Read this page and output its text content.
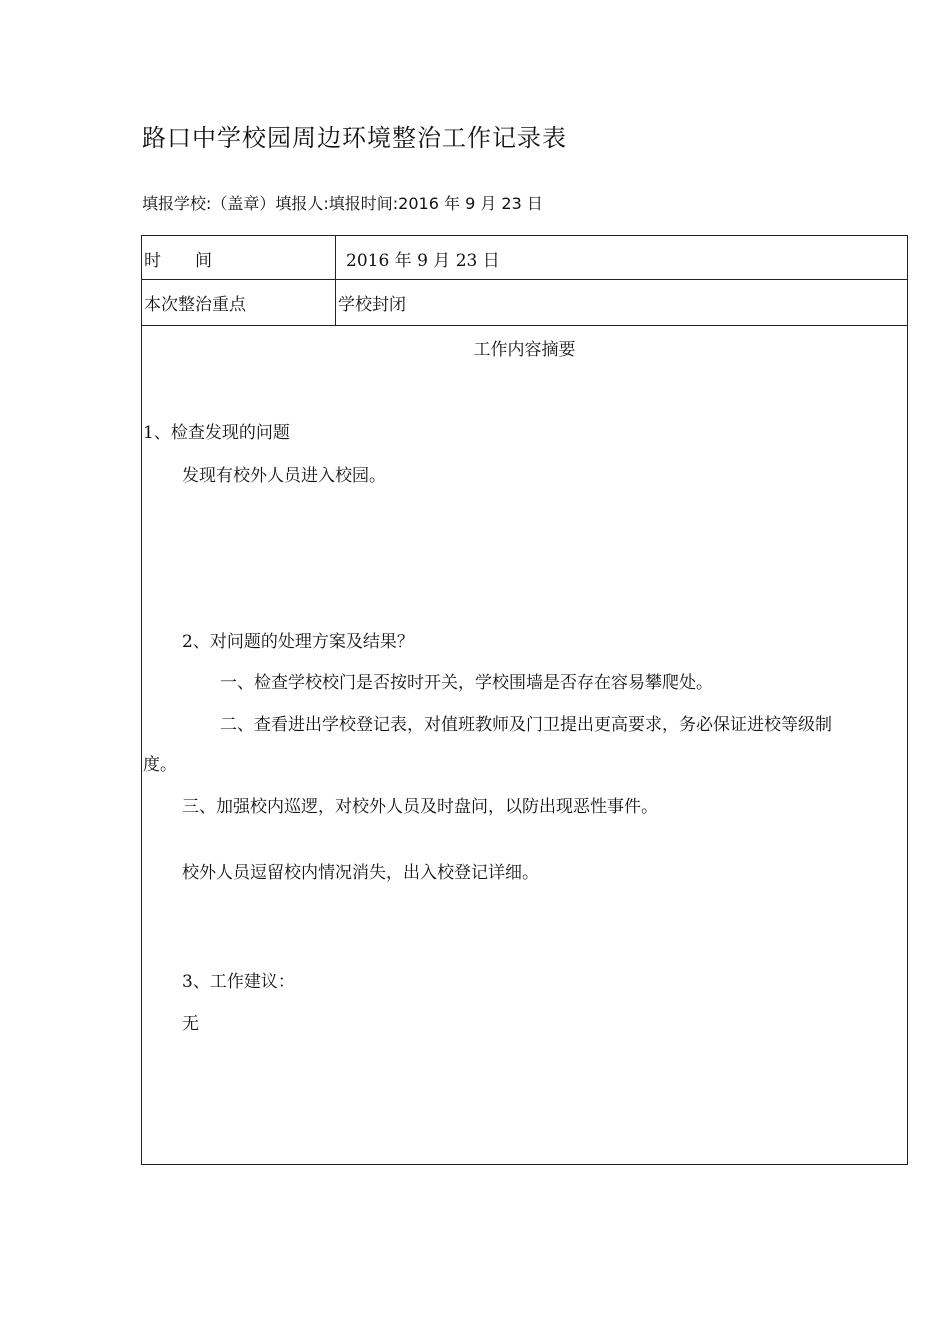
路口中学校园周边环境整治工作记录表
填报学校:（盖章）填报人:填报时间:2016 年 9 月 23 日
时　　间	2016 年 9 月 23 日
本次整治重点	学校封闭
工作内容摘要
1、检查发现的问题
发现有校外人员进入校园。
2、对问题的处理方案及结果？
一、检查学校校门是否按时开关，学校围墙是否存在容易攀爬处。
二、查看进出学校登记表，对值班教师及门卫提出更高要求，务必保证进校等级制
度。
三、加强校内巡逻，对校外人员及时盘问，以防出现恶性事件。
校外人员逗留校内情况消失，出入校登记详细。
3、工作建议：
无
